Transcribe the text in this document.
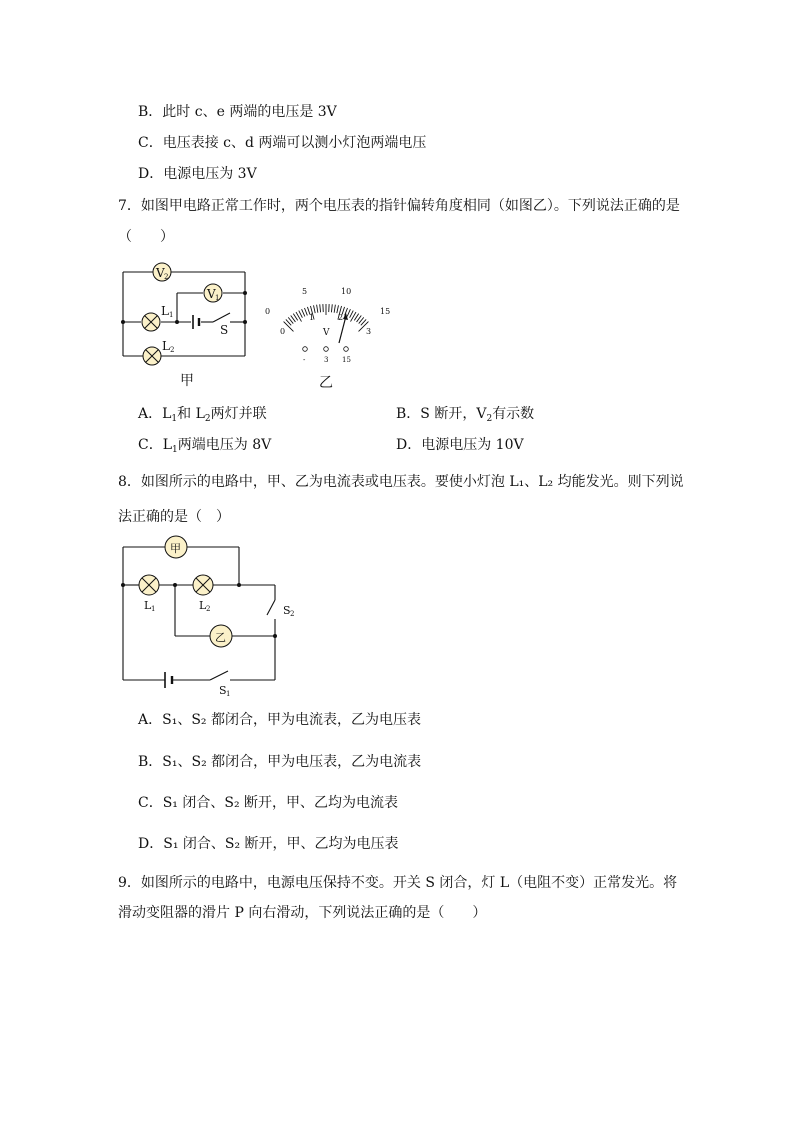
B．此时 c、e 两端的电压是 3V
C．电压表接 c、d 两端可以测小灯泡两端电压
D．电源电压为 3V
7．如图甲电路正常工作时，两个电压表的指针偏转角度相同（如图乙）。下列说法正确的是
（　　）
V 2
V 1
L 1
L 2
S
甲
0
5	10
15
0
1	2
3
V
-	3 15
乙
A．$L_1$和 $L_2$两灯并联	B．S 断开，$V_2$有示数
C．$L_1$两端电压为 8V	D．电源电压为 10V
8．如图所示的电路中，甲、乙为电流表或电压表。要使小灯泡 L₁、L₂ 均能发光。则下列说
法正确的是（　）
甲
L 1	L 2
乙
S 2
S 1
A．S₁、S₂ 都闭合，甲为电流表，乙为电压表
B．S₁、S₂ 都闭合，甲为电压表，乙为电流表
C．S₁ 闭合、S₂ 断开，甲、乙均为电流表
D．S₁ 闭合、S₂ 断开，甲、乙均为电压表
9．如图所示的电路中，电源电压保持不变。开关 S 闭合，灯 L（电阻不变）正常发光。将
滑动变阻器的滑片 P 向右滑动，下列说法正确的是（　　）
